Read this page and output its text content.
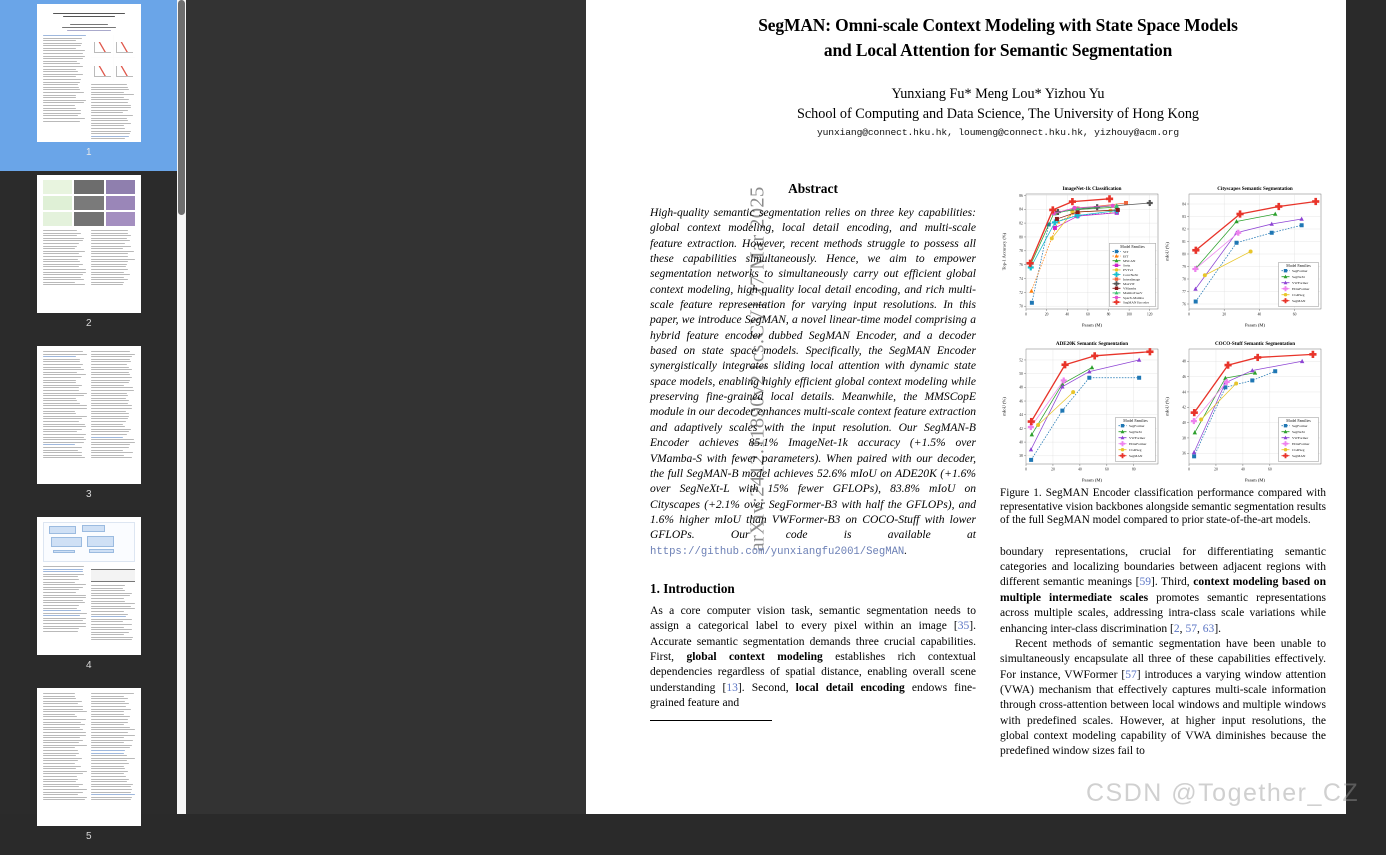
1
2
3
4
5
arXiv:2412.11890v2 [cs.CV] 27 Mar 2025
SegMAN: Omni-scale Context Modeling with State Space Models
and Local Attention for Semantic Segmentation
Yunxiang Fu* Meng Lou* Yizhou Yu
School of Computing and Data Science, The University of Hong Kong
yunxiang@connect.hku.hk, loumeng@connect.hku.hk, yizhouy@acm.org
Abstract
High-quality semantic segmentation relies on three key capabilities: global context modeling, local detail encoding, and multi-scale feature extraction. However, recent methods struggle to possess all these capabilities simultaneously. Hence, we aim to empower segmentation networks to simultaneously carry out efficient global context modeling, high-quality local detail encoding, and rich multi-scale feature representation for varying input resolutions. In this paper, we introduce SegMAN, a novel linear-time model comprising a hybrid feature encoder dubbed SegMAN Encoder, and a decoder based on state space models. Specifically, the SegMAN Encoder synergistically integrates sliding local attention with dynamic state space models, enabling highly efficient global context modeling while preserving fine-grained local details. Meanwhile, the MMSCopE module in our decoder enhances multi-scale context feature extraction and adaptively scales with the input resolution. Our SegMAN-B Encoder achieves 85.1% ImageNet-1k accuracy (+1.5% over VMamba-S with fewer parameters). When paired with our decoder, the full SegMAN-B model achieves 52.6% mIoU on ADE20K (+1.6% over SegNeXt-L with 15% fewer GFLOPs), 83.8% mIoU on Cityscapes (+2.1% over SegFormer-B3 with half the GFLOPs), and 1.6% higher mIoU than VWFormer-B3 on COCO-Stuff with lower GFLOPs. Our code is available at https://github.com/yunxiangfu2001/SegMAN.
1. Introduction
As a core computer vision task, semantic segmentation needs to assign a categorical label to every pixel within an image [35]. Accurate semantic segmentation demands three crucial capabilities. First, global context modeling establishes rich contextual dependencies regardless of spatial distance, enabling overall scene understanding [13]. Second, local detail encoding endows fine-grained feature and
0	20	40	60	80	100	120
70
72
74
76
78
80
82
84
86
Param (M)
Top-1 Accuracy (%)
ImageNet-1k Classification
Model Families
ViT
EfT
MSCAN
Swin
PVTv2
ConvNeXt
InternImage
MaxViT
VMamba
MambaTreeV
SparX-Mamba
SegMAN Encoder
0	20	40	60
76
77
78
79
80
81
82
83
84
Param (M)
mIoU (%)
Cityscapes Semantic Segmentation
Model Families
SegFormer
SegNeXt
VWFormer
EDAFormer
CGRSeg
SegMAN
0	20	40	60	80
38
40
42
44
46
48
50
52
Param (M)
mIoU (%)
ADE20K Semantic Segmentation
Model Families
SegFormer
SegNeXt
VWFormer
EDAFormer
CGRSeg
SegMAN
0	20	40	60
36
38
40
42
44
46
48
Param (M)
mIoU (%)
COCO-Stuff Semantic Segmentation
Model Families
SegFormer
SegNeXt
VWFormer
EDAFormer
CGRSeg
SegMAN
Figure 1. SegMAN Encoder classification performance compared with representative vision backbones alongside semantic segmentation results of the full SegMAN model compared to prior state-of-the-art models.
boundary representations, crucial for differentiating semantic categories and localizing boundaries between adjacent regions with different semantic meanings [59]. Third, context modeling based on multiple intermediate scales promotes semantic representations across multiple scales, addressing intra-class scale variations while enhancing inter-class discrimination [2, 57, 63].
Recent methods of semantic segmentation have been unable to simultaneously encapsulate all three of these capabilities effectively. For instance, VWFormer [57] introduces a varying window attention (VWA) mechanism that effectively captures multi-scale information through cross-attention between local windows and multiple windows with predefined scales. However, at higher input resolutions, the global context modeling capability of VWA diminishes because the predefined window sizes fail to
CSDN @Together_CZ
